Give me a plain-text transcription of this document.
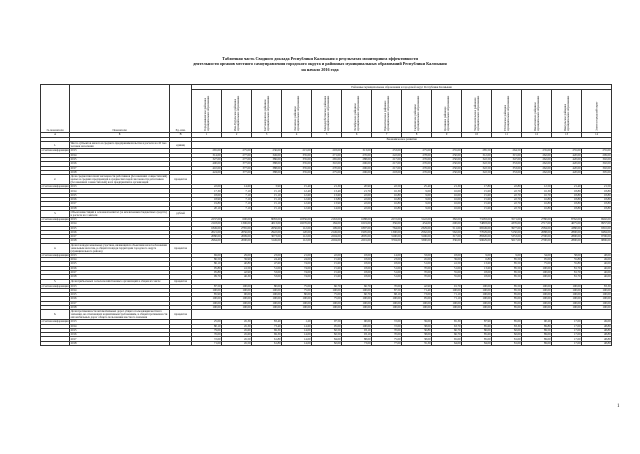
Табличная часть Сводного доклада Республики Калмыкия о результатах мониторинга эффективности
деятельности органов местного самоуправления городского округа и районных муниципальных образований Республики Калмыкия
на начало 2016 года
№ показателя	Показатели	Ед. изм.	Районные муниципальные образования и городской округ Республики Калмыкия													
			Городовиковское районное муниципальное образование	Ики-Бурульское районное муниципальное образование	Кетченеровское районное муниципальное образование	Лаганское районное муниципальное образование	Малодербетовское районное муниципальное образование	Октябрьское районное муниципальное образование	Приютненское районное муниципальное образование	Сарпинское районное муниципальное образование	Целинное районное муниципальное образование	Черноземельское районное муниципальное образование	Юстинское районное муниципальное образование	Яшалтинское районное муниципальное образование	Яшкульское районное муниципальное образование	Элиста городской округ
А	Б	В	1	2	3	4	5	6	7	8	9	10	11	12	13	14
			Экономическое развитие													
1.	Число субъектов малого и среднего предпринимательства в расчете на 10 тыс. человек населения	единиц														
отчетная информация	2013		265,00	275,00	236,00	215,00	293,00	313,00	253,00	275,00	255,00	285,50	264,50	235,00	255,00	255,00
	2014		314,00	277,00	349,00	335,00	271,00	276,00	222,00	278,00	250,00	312,00	315,00	262,00	420,00	299,00
	2015		327,00	277,00	386,00	335,00	265,00	288,00	217,00	276,00	250,00	322,50	347,00	262,00	420,00	302,00
	2016		400,00	377,00	388,00	335,00	310,00	296,00	217,00	276,00	250,00	322,50	353,00	262,00	420,00	302,00
	2017		410,00	377,00	388,00	335,00	270,00	296,00	217,00	276,00	250,00	322,50	353,00	262,00	420,00	302,00
	2018		424,00	377,00	388,00	335,00	275,00	296,00	218,00	276,00	250,00	322,50	353,00	262,00	420,00	305,00
2.	Доля среднесписочной численности работников (без внешних совместителей) малых и средних предприятий в среднесписочной численности работников (без внешних совместителей) всех предприятий и организаций	процентов														
отчетная информация	2013		22,00	14,60	3,90	15,40	21,30	20,90	22,50	25,40	21,30	17,80	22,80	12,50	21,40	21,50
	2014		17,30	7,10	15,10	12,40	13,40	21,70	16,30	9,00	16,00	15,60	22,70	16,30	18,80	18,80
	2015		18,00	7,10	15,10	12,60	13,60	22,00	16,80	9,00	16,00	15,60	22,70	16,70	18,80	18,80
	2016		18,90	7,10	15,10	12,60	13,80	22,00	16,80	9,00	16,00	15,60	22,70	16,80	18,80	18,80
	2017		19,80	7,10	15,10	12,60	13,90	22,00	16,80	9,00	16,00	15,60	22,70	16,80	18,80	18,80
	2018		20,10	7,10	15,10	12,60	14,00	22,00	16,80	9,00	16,00	15,60	22,70	16,80	18,80	18,80
3.	Объем инвестиций в основной капитал (за исключением бюджетных средств) в расчете на 1 жителя	рублей														
отчетная информация	2013		2237,00	690,00	8083,00	10356,00	2163,00	1688,00	2272,00	3122,00	382,00	73283,00	3571,00	2780,00	8762,00	6992,00
	2014		2118,00	1306,00	4013,00	10276,00	184,00	1619,00	356,00	454,00	200,00	74803,00	4376,00	2717,00	4675,00	9957,00
	2015		1849,00	2765,00	2656,00	112,00	199,00	1897,00	764,00	2329,00	511,00	66549,00	3977,00	2584,00	4380,00	9316,00
	2016		2021,00	2056,00	2922,00	120,00	2149,00	1995,00	1300,00	2562,00	562,00	77029,00	5150,00	2688,00	2800,00	9484,00
	2017		2080,00	2099,00	3073,00	112,00	2204,00	2095,00	3190,00	3196,00	317,00	88326,00	5353,00	2700,00	2800,00	9796,00
	2018		2964,00	2000,00	3149,00	112,00	2204,00	2201,00	3794,00	3390,00	336,00	99629,00	5617,00	2700,00	2800,00	9896,00
4.	Доля площади земельных участков, являющихся объектами налогообложения земельным налогом, в общей площади территории городского округа (муниципального района)	процентов														
отчетная информация	2013		69,00	29,00	23,00	21,00	22,00	18,00	14,00	33,00	18,00	9,00	9,00	34,00	58,00	48,00
	2014		86,50	39,90	24,40	24,00	15,60	18,00	23,00	45,00	39,00	6,80	85,50	95,00	55,80	49,00
	2015		86,10	40,80	47,60	74,00	15,60	18,00	18,00	51,00	41,50	13,60	85,50	75,00	55,80	46,00
	2016		95,80	41,50	51,00	74,00	15,60	18,00	51,00	70,00	51,00	13,60	85,50	100,00	81,70	46,00
	2017		95,80	42,90	53,00	74,00	15,60	18,00	51,00	70,00	55,00	18,00	85,50	100,00	81,70	46,00
	2018		99,70	46,30	53,00	74,00	15,60	18,00	51,00	70,00	55,00	18,00	85,50	100,00	81,70	46,00
5.	Доля прибыльных сельскохозяйственных организаций в общем их числе	процентов														
отчетная информация	2013		87,50	100,00	80,00	75,00	66,70	66,70	70,00	42,90	91,70	100,00	85,50	100,00	100,00	83,30
	2014		100,00	100,00	100,00	75,00	100,00	100,00	87,50	71,40	100,00	100,00	85,50	100,00	100,00	100,00
	2015		85,90	90,00	100,00	80,00	75,00	60,70	68,10	73,00	71,10	100,00	85,00	100,00	100,00	100,00
	2016		100,00	100,00	100,00	100,00	75,00	100,00	100,00	95,00	71,10	100,00	85,00	100,00	100,00	100,00
	2017		100,00	100,00	100,00	100,00	100,00	100,00	100,00	100,00	100,00	100,00	85,00	100,00	100,00	100,00
	2018		100,00	100,00	100,00	100,00	100,00	100,00	100,00	100,00	100,00	100,00	85,00	100,00	100,00	100,00
6.	Доля протяженности автомобильных дорог общего пользования местного значения, не отвечающих нормативным требованиям, в общей протяженности автомобильных дорог общего пользования местного значения	процентов														
отчетная информация	2013		25,00	45,30	83,40	1,20	97,50	90,00	72,00	39,00	65,30	87,90	85,00	90,20	17,00	49,00
	2014		80,10	45,30	73,40	14,60	95,00	100,00	72,00	38,00	63,70	85,60	83,30	89,80	17,00	48,80
	2015		79,00	45,60	69,30	14,00	82,50	93,10	70,00	36,80	66,70	86,00	82,00	89,50	17,00	48,80
	2016		76,00	45,60	69,30	14,00	82,50	93,10	70,00	38,00	66,70	85,60	82,00	89,00	17,00	48,80
	2017		72,00	45,50	61,80	14,00	84,00	88,00	75,00	38,00	65,00	85,00	81,00	89,00	17,00	48,80
	2018		71,00	45,50	61,80	14,00	82,00	73,00	77,00	35,30	64,00	84,00	81,00	89,00	17,00	48,80
1
